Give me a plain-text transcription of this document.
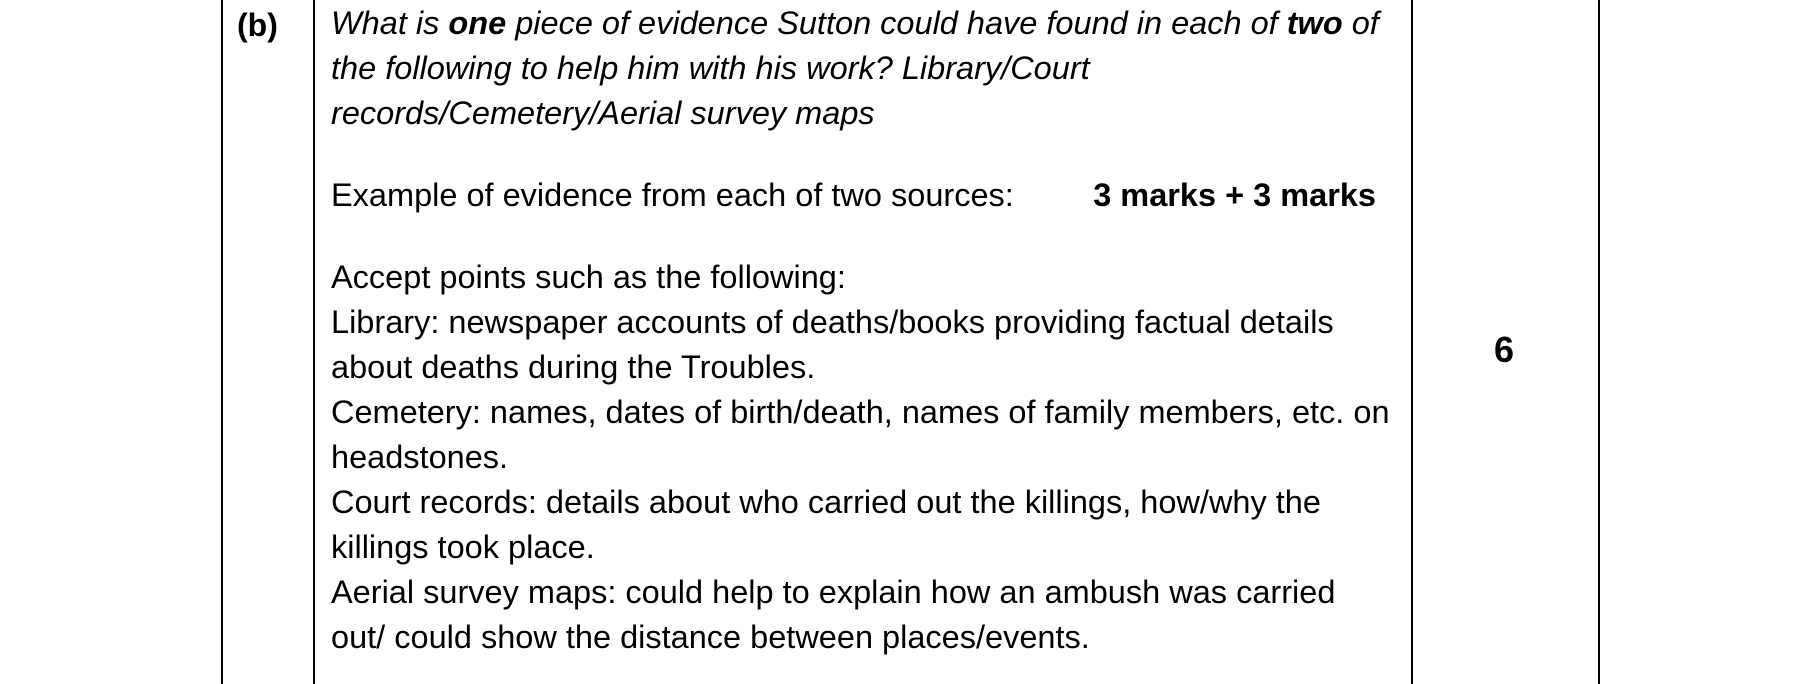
(b) What is one piece of evidence Sutton could have found in each of two of the following to help him with his work? Library/Court records/Cemetery/Aerial survey maps

Example of evidence from each of two sources: 3 marks + 3 marks

Accept points such as the following:

Library: newspaper accounts of deaths/books providing factual details about deaths during the Troubles.

Cemetery: names, dates of birth/death, names of family members, etc. on headstones.

Court records: details about who carried out the killings, how/why the killings took place.

Aerial survey maps: could help to explain how an ambush was carried out/ could show the distance between places/events.

6
